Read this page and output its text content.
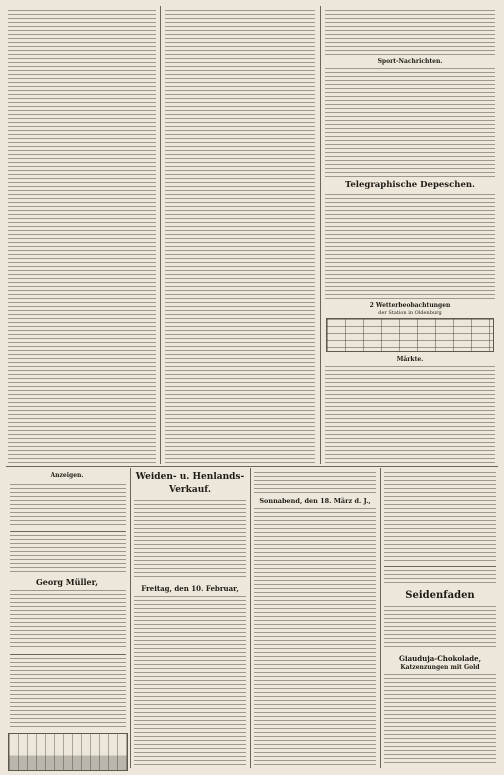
Sport-Nachrichten.
Telegraphische Depeschen.
2 Wetterbeobachtungen
der Station in Oldenburg
Märkte.
Anzeigen.
Georg Müller,
Weiden- u. Henlands-
Verkauf.
Freitag, den 10. Februar,
Sonnabend, den 18. März d. J.,
Seidenfaden
Giauduja-Chokolade,
Katzenzungen mit Gold
